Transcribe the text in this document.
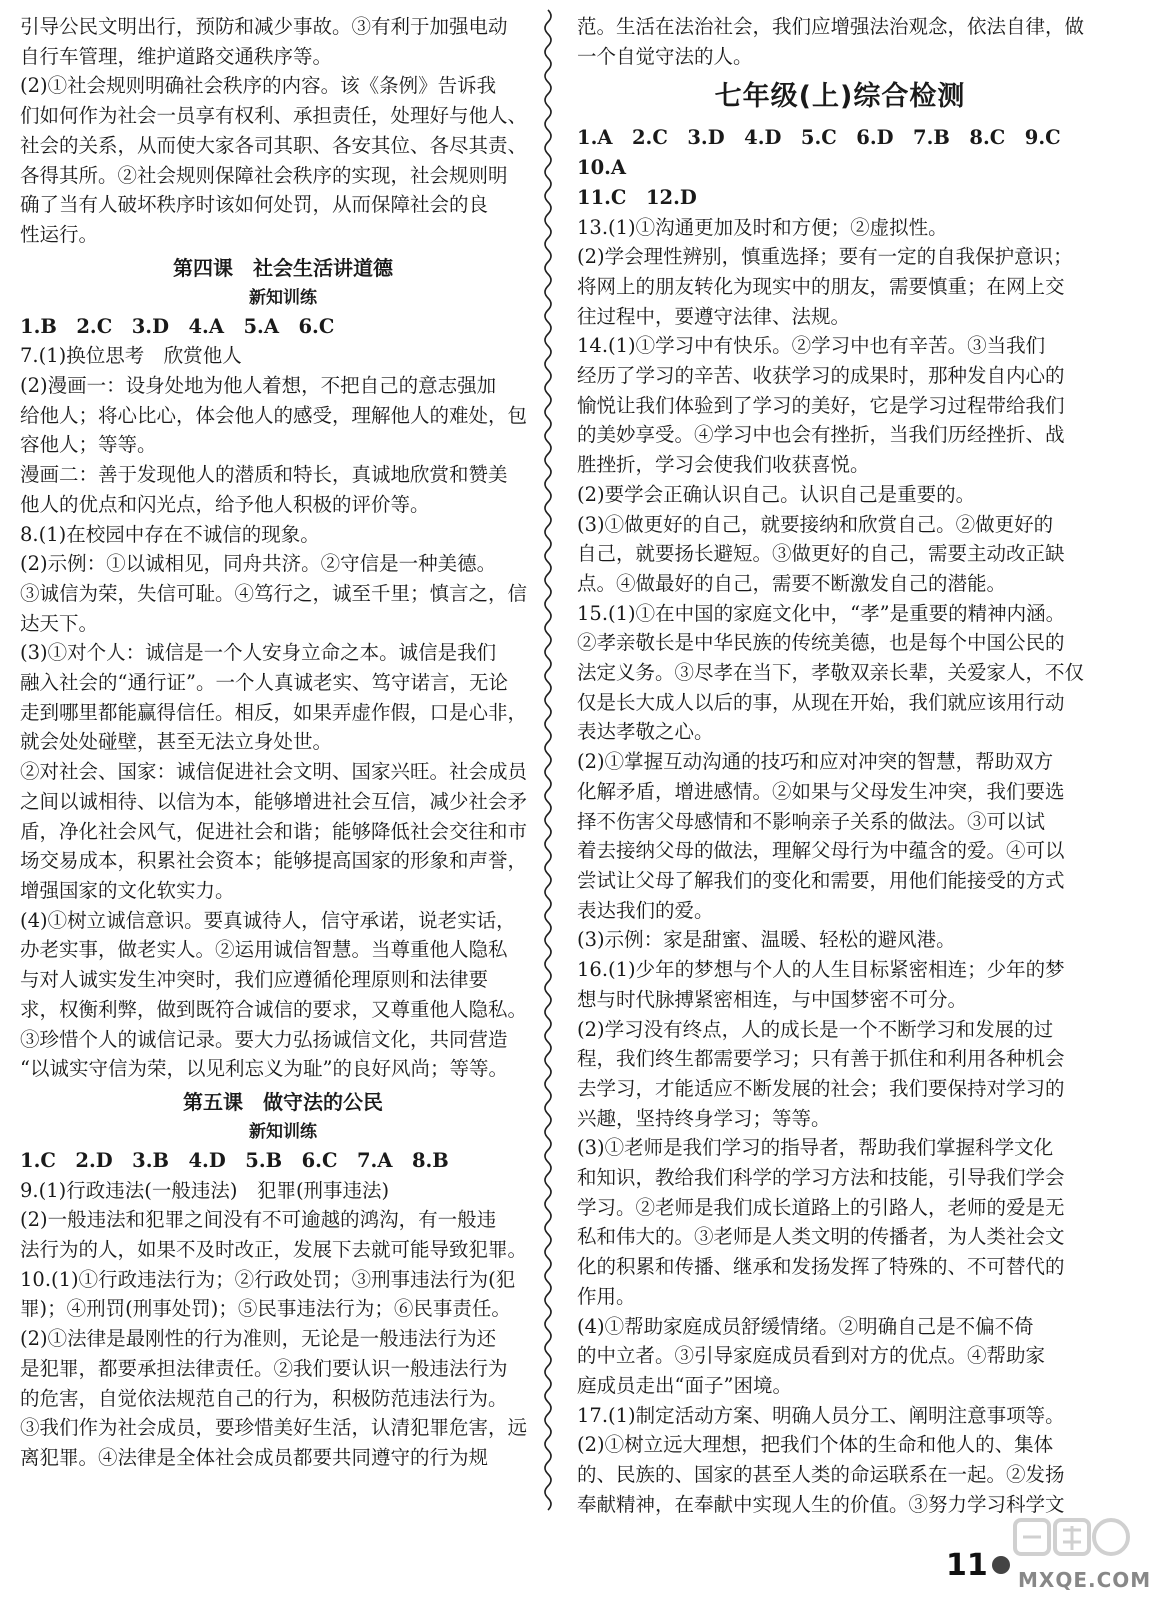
引导公民文明出行，预防和减少事故。③有利于加强电动

自行车管理，维护道路交通秩序等。

(2)①社会规则明确社会秩序的内容。该《条例》告诉我

们如何作为社会一员享有权利、承担责任，处理好与他人、

社会的关系，从而使大家各司其职、各安其位、各尽其责、

各得其所。②社会规则保障社会秩序的实现，社会规则明

确了当有人破坏秩序时该如何处罚，从而保障社会的良

性运行。

第四课　社会生活讲道德
新知训练

1.B　2.C　3.D　4.A　5.A　6.C

7.(1)换位思考　欣赏他人

(2)漫画一：设身处地为他人着想，不把自己的意志强加

给他人；将心比心，体会他人的感受，理解他人的难处，包

容他人；等等。

漫画二：善于发现他人的潜质和特长，真诚地欣赏和赞美

他人的优点和闪光点，给予他人积极的评价等。

8.(1)在校园中存在不诚信的现象。

(2)示例：①以诚相见，同舟共济。②守信是一种美德。

③诚信为荣，失信可耻。④笃行之，诚至千里；慎言之，信

达天下。

(3)①对个人：诚信是一个人安身立命之本。诚信是我们

融入社会的“通行证”。一个人真诚老实、笃守诺言，无论

走到哪里都能赢得信任。相反，如果弄虚作假，口是心非，

就会处处碰壁，甚至无法立身处世。

②对社会、国家：诚信促进社会文明、国家兴旺。社会成员

之间以诚相待、以信为本，能够增进社会互信，减少社会矛

盾，净化社会风气，促进社会和谐；能够降低社会交往和市

场交易成本，积累社会资本；能够提高国家的形象和声誉，

增强国家的文化软实力。

(4)①树立诚信意识。要真诚待人，信守承诺，说老实话，

办老实事，做老实人。②运用诚信智慧。当尊重他人隐私

与对人诚实发生冲突时，我们应遵循伦理原则和法律要

求，权衡利弊，做到既符合诚信的要求，又尊重他人隐私。

③珍惜个人的诚信记录。要大力弘扬诚信文化，共同营造

“以诚实守信为荣，以见利忘义为耻”的良好风尚；等等。

第五课　做守法的公民
新知训练

1.C　2.D　3.B　4.D　5.B　6.C　7.A　8.B

9.(1)行政违法(一般违法)　犯罪(刑事违法)

(2)一般违法和犯罪之间没有不可逾越的鸿沟，有一般违

法行为的人，如果不及时改正，发展下去就可能导致犯罪。

10.(1)①行政违法行为；②行政处罚；③刑事违法行为(犯

罪)；④刑罚(刑事处罚)；⑤民事违法行为；⑥民事责任。

(2)①法律是最刚性的行为准则，无论是一般违法行为还

是犯罪，都要承担法律责任。②我们要认识一般违法行为

的危害，自觉依法规范自己的行为，积极防范违法行为。

③我们作为社会成员，要珍惜美好生活，认清犯罪危害，远

离犯罪。④法律是全体社会成员都要共同遵守的行为规

范。生活在法治社会，我们应增强法治观念，依法自律，做

一个自觉守法的人。

七年级(上)综合检测

1.A　2.C　3.D　4.D　5.C　6.D　7.B　8.C　9.C　10.A

11.C　12.D

13.(1)①沟通更加及时和方便；②虚拟性。

(2)学会理性辨别，慎重选择；要有一定的自我保护意识；

将网上的朋友转化为现实中的朋友，需要慎重；在网上交

往过程中，要遵守法律、法规。

14.(1)①学习中有快乐。②学习中也有辛苦。③当我们

经历了学习的辛苦、收获学习的成果时，那种发自内心的

愉悦让我们体验到了学习的美好，它是学习过程带给我们

的美妙享受。④学习中也会有挫折，当我们历经挫折、战

胜挫折，学习会使我们收获喜悦。

(2)要学会正确认识自己。认识自己是重要的。

(3)①做更好的自己，就要接纳和欣赏自己。②做更好的

自己，就要扬长避短。③做更好的自己，需要主动改正缺

点。④做最好的自己，需要不断激发自己的潜能。

15.(1)①在中国的家庭文化中，“孝”是重要的精神内涵。

②孝亲敬长是中华民族的传统美德，也是每个中国公民的

法定义务。③尽孝在当下，孝敬双亲长辈，关爱家人，不仅

仅是长大成人以后的事，从现在开始，我们就应该用行动

表达孝敬之心。

(2)①掌握互动沟通的技巧和应对冲突的智慧，帮助双方

化解矛盾，增进感情。②如果与父母发生冲突，我们要选

择不伤害父母感情和不影响亲子关系的做法。③可以试

着去接纳父母的做法，理解父母行为中蕴含的爱。④可以

尝试让父母了解我们的变化和需要，用他们能接受的方式

表达我们的爱。

(3)示例：家是甜蜜、温暖、轻松的避风港。

16.(1)少年的梦想与个人的人生目标紧密相连；少年的梦

想与时代脉搏紧密相连，与中国梦密不可分。

(2)学习没有终点，人的成长是一个不断学习和发展的过

程，我们终生都需要学习；只有善于抓住和利用各种机会

去学习，才能适应不断发展的社会；我们要保持对学习的

兴趣，坚持终身学习；等等。

(3)①老师是我们学习的指导者，帮助我们掌握科学文化

和知识，教给我们科学的学习方法和技能，引导我们学会

学习。②老师是我们成长道路上的引路人，老师的爱是无

私和伟大的。③老师是人类文明的传播者，为人类社会文

化的积累和传播、继承和发扬发挥了特殊的、不可替代的

作用。

(4)①帮助家庭成员舒缓情绪。②明确自己是不偏不倚

的中立者。③引导家庭成员看到对方的优点。④帮助家

庭成员走出“面子”困境。

17.(1)制定活动方案、明确人员分工、阐明注意事项等。

(2)①树立远大理想，把我们个体的生命和他人的、集体

的、民族的、国家的甚至人类的命运联系在一起。②发扬

奉献精神，在奉献中实现人生的价值。③努力学习科学文

11 MXQE.COM
